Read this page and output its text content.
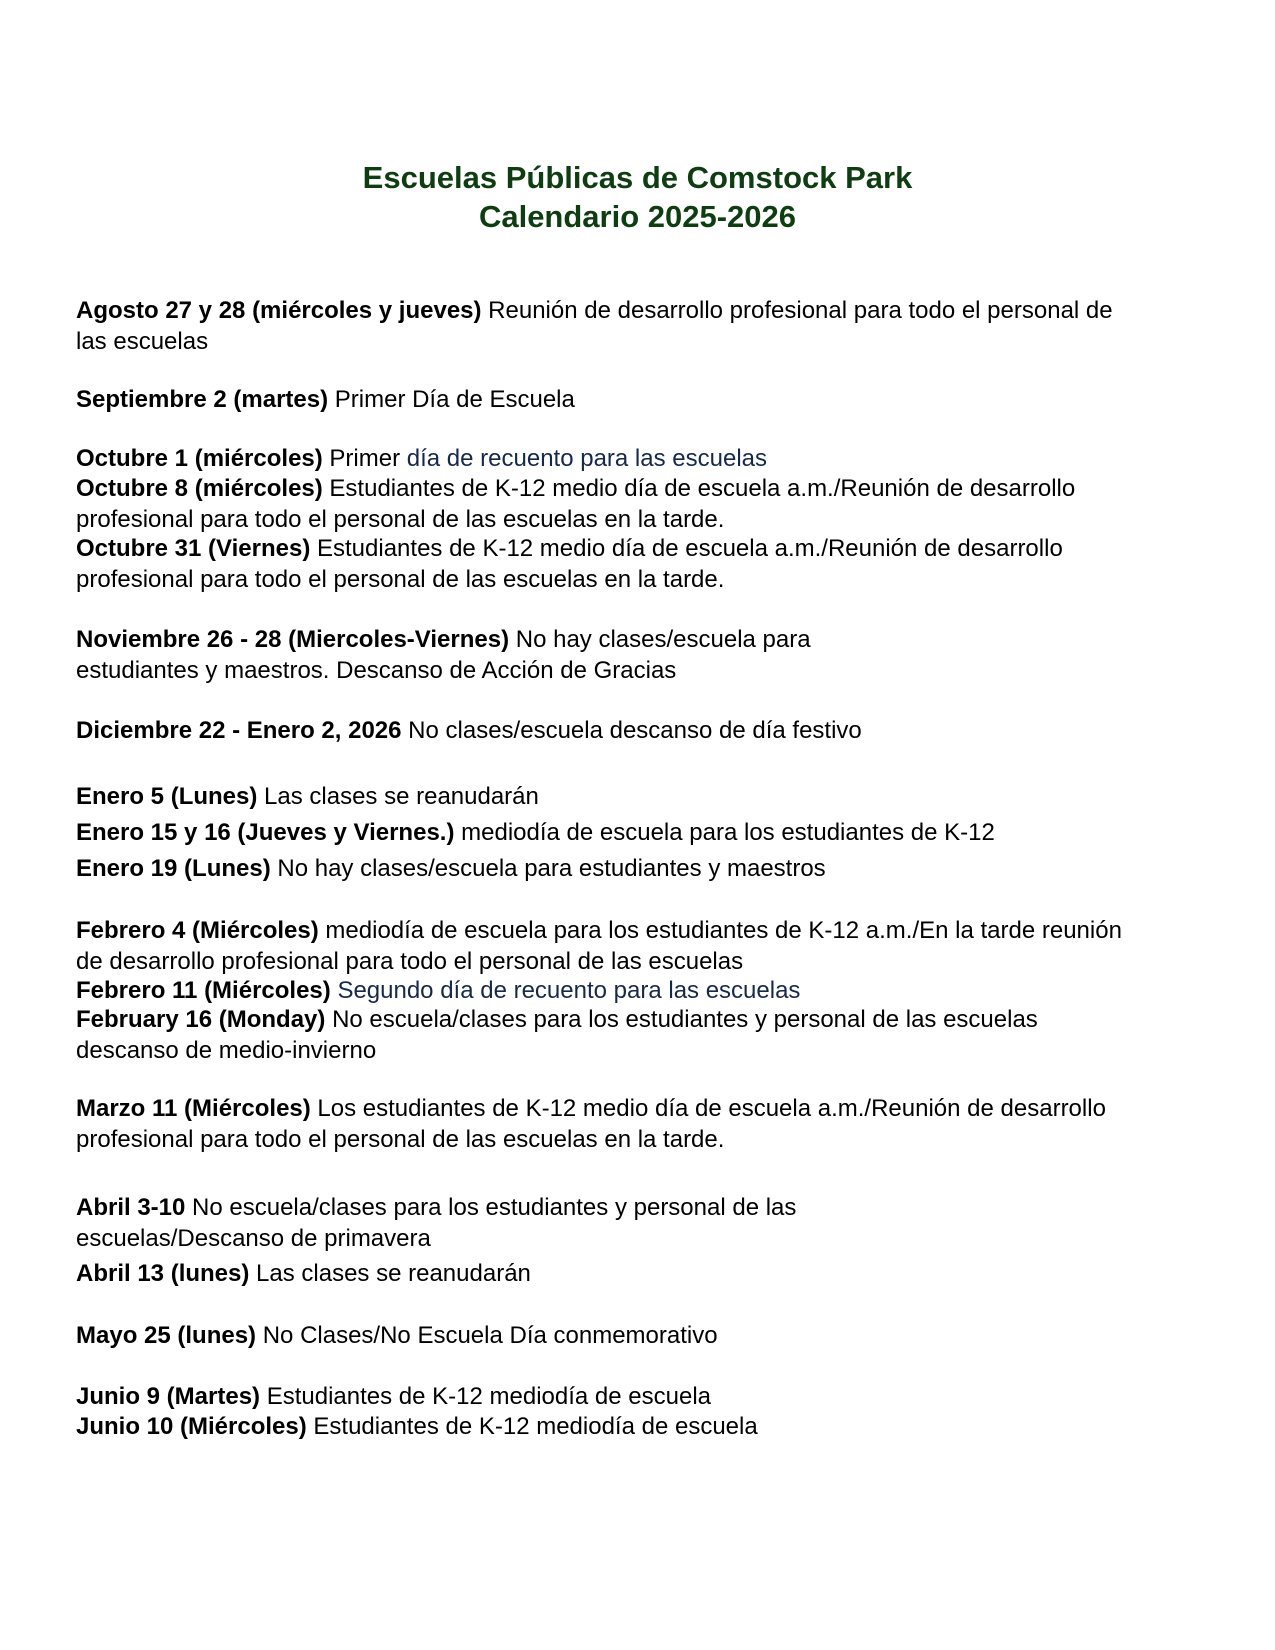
Escuelas Públicas de Comstock Park
Calendario 2025-2026
Agosto 27 y 28 (miércoles y jueves) Reunión de desarrollo profesional para todo el personal de las escuelas
Septiembre 2 (martes) Primer Día de Escuela
Octubre 1 (miércoles) Primer día de recuento para las escuelas
Octubre 8 (miércoles) Estudiantes de K-12 medio día de escuela a.m./Reunión de desarrollo profesional para todo el personal de las escuelas en la tarde.
Octubre 31 (Viernes) Estudiantes de K-12 medio día de escuela a.m./Reunión de desarrollo profesional para todo el personal de las escuelas en la tarde.
Noviembre 26 - 28 (Miercoles-Viernes) No hay clases/escuela para
estudiantes y maestros. Descanso de Acción de Gracias
Diciembre 22 - Enero 2, 2026 No clases/escuela descanso de día festivo
Enero 5 (Lunes) Las clases se reanudarán
Enero 15 y 16 (Jueves y Viernes.) mediodía de escuela para los estudiantes de K-12
Enero 19 (Lunes) No hay clases/escuela para estudiantes y maestros
Febrero 4 (Miércoles) mediodía de escuela para los estudiantes de K-12 a.m./En la tarde reunión de desarrollo profesional para todo el personal de las escuelas
Febrero 11 (Miércoles) Segundo día de recuento para las escuelas
February 16 (Monday) No escuela/clases para los estudiantes y personal de las escuelas descanso de medio-invierno
Marzo 11 (Miércoles) Los estudiantes de K-12 medio día de escuela a.m./Reunión de desarrollo profesional para todo el personal de las escuelas en la tarde.
Abril 3-10 No escuela/clases para los estudiantes y personal de las
escuelas/Descanso de primavera
Abril 13 (lunes) Las clases se reanudarán
Mayo 25 (lunes) No Clases/No Escuela Día conmemorativo
Junio 9 (Martes) Estudiantes de K-12 mediodía de escuela
Junio 10 (Miércoles) Estudiantes de K-12 mediodía de escuela
